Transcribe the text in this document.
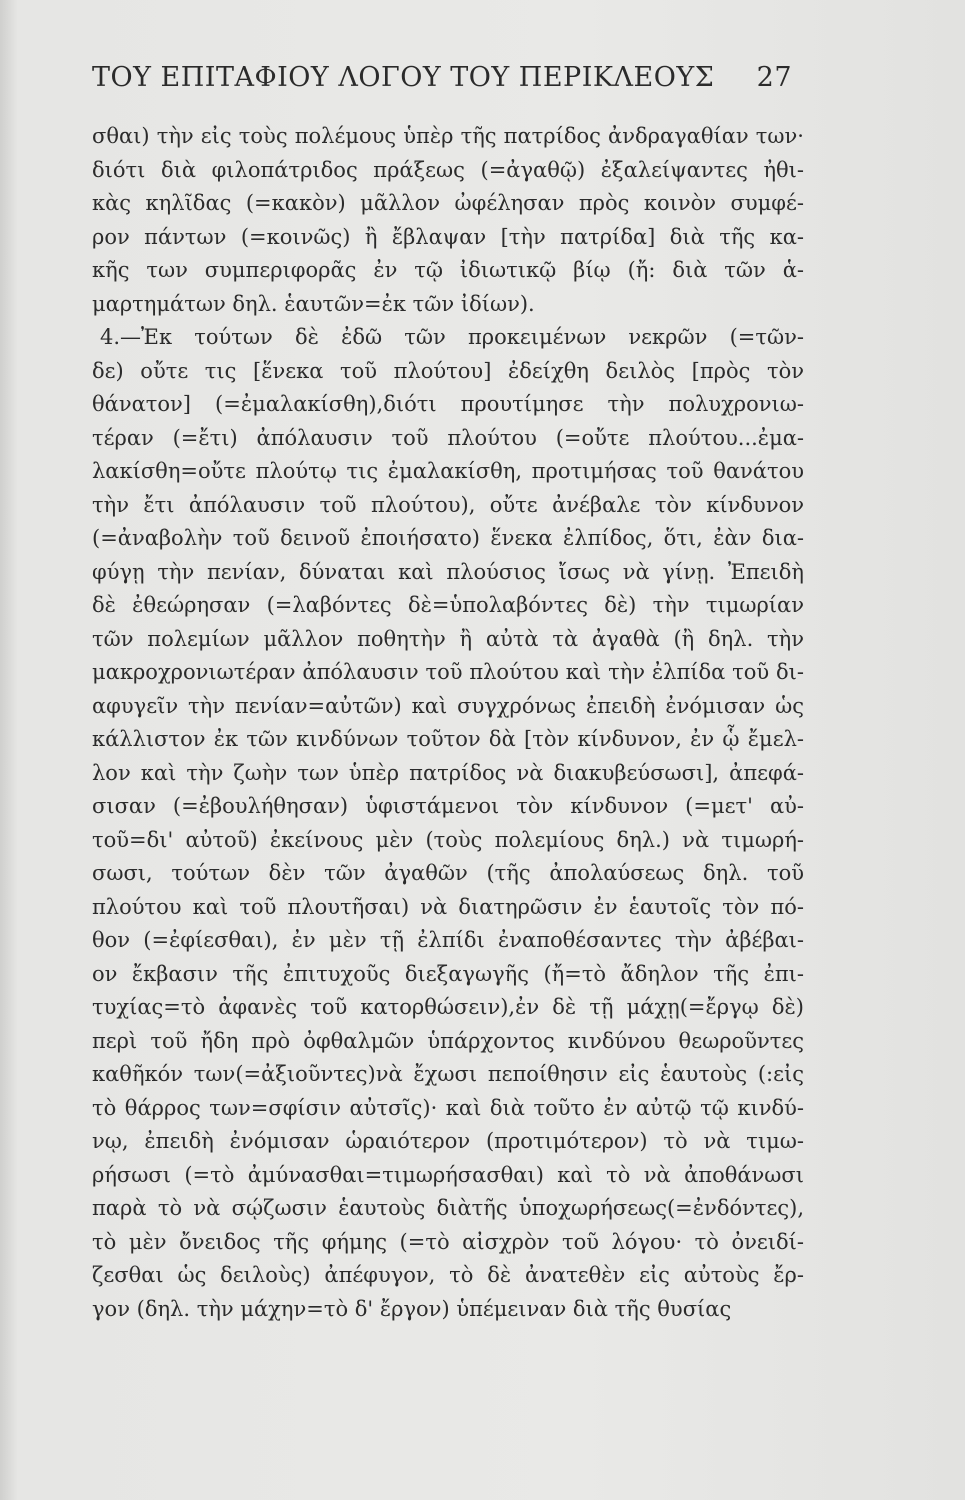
ΤΟΥ ΕΠΙΤΑΦΙΟΥ ΛΟΓΟΥ ΤΟΥ ΠΕΡΙΚΛΕΟΥΣ 27
σθαι) τὴν εἰς τοὺς πολέμους ὑπὲρ τῆς πατρίδος ἀνδραγαθίαν των·
διότι διὰ φιλοπάτριδος πράξεως (=ἀγαθῷ) ἐξαλείψαντες ἠθι-
κὰς κηλῖδας (=κακὸν) μᾶλλον ὠφέλησαν πρὸς κοινὸν συμφέ-
ρον πάντων (=κοινῶς) ἢ ἔβλαψαν [τὴν πατρίδα] διὰ τῆς κα-
κῆς των συμπεριφορᾶς ἐν τῷ ἰδιωτικῷ βίῳ (ἤ: διὰ τῶν ἁ-
μαρτημάτων δηλ. ἑαυτῶν=ἐκ τῶν ἰδίων).
4.—Ἐκ τούτων δὲ ἐδῶ τῶν προκειμένων νεκρῶν (=τῶν-
δε) οὔτε τις [ἕνεκα τοῦ πλούτου] ἐδείχθη δειλὸς [πρὸς τὸν
θάνατον] (=ἐμαλακίσθη),διότι προυτίμησε τὴν πολυχρονιω-
τέραν (=ἔτι) ἀπόλαυσιν τοῦ πλούτου (=οὔτε πλούτου...ἐμα-
λακίσθη=οὔτε πλούτῳ τις ἐμαλακίσθη, προτιμήσας τοῦ θανάτου
τὴν ἔτι ἀπόλαυσιν τοῦ πλούτου), οὔτε ἀνέβαλε τὸν κίνδυνον
(=ἀναβολὴν τοῦ δεινοῦ ἐποιήσατο) ἕνεκα ἐλπίδος, ὅτι, ἐὰν δια-
φύγῃ τὴν πενίαν, δύναται καὶ πλούσιος ἴσως νὰ γίνῃ. Ἐπειδὴ
δὲ ἐθεώρησαν (=λαβόντες δὲ=ὑπολαβόντες δὲ) τὴν τιμωρίαν
τῶν πολεμίων μᾶλλον ποθητὴν ἢ αὐτὰ τὰ ἀγαθὰ (ἢ δηλ. τὴν
μακροχρονιωτέραν ἀπόλαυσιν τοῦ πλούτου καὶ τὴν ἐλπίδα τοῦ δι-
αφυγεῖν τὴν πενίαν=αὐτῶν) καὶ συγχρόνως ἐπειδὴ ἐνόμισαν ὡς
κάλλιστον ἐκ τῶν κινδύνων τοῦτον δὰ [τὸν κίνδυνον, ἐν ᾧ ἔμελ-
λον καὶ τὴν ζωὴν των ὑπὲρ πατρίδος νὰ διακυβεύσωσι], ἀπεφά-
σισαν (=ἐβουλήθησαν) ὑφιστάμενοι τὸν κίνδυνον (=μετ' αὐ-
τοῦ=δι' αὐτοῦ) ἐκείνους μὲν (τοὺς πολεμίους δηλ.) νὰ τιμωρή-
σωσι, τούτων δὲν τῶν ἀγαθῶν (τῆς ἀπολαύσεως δηλ. τοῦ
πλούτου καὶ τοῦ πλουτῆσαι) νὰ διατηρῶσιν ἐν ἑαυτοῖς τὸν πό-
θον (=ἐφίεσθαι), ἐν μὲν τῇ ἐλπίδι ἐναποθέσαντες τὴν ἀβέβαι-
ον ἔκβασιν τῆς ἐπιτυχοῦς διεξαγωγῆς (ἤ=τὸ ἄδηλον τῆς ἐπι-
τυχίας=τὸ ἀφανὲς τοῦ κατορθώσειν),ἐν δὲ τῇ μάχῃ(=ἔργῳ δὲ)
περὶ τοῦ ἤδη πρὸ ὀφθαλμῶν ὑπάρχοντος κινδύνου θεωροῦντες
καθῆκόν των(=ἀξιοῦντες)νὰ ἔχωσι πεποίθησιν εἰς ἑαυτοὺς (:εἰς
τὸ θάρρος των=σφίσιν αὐτσῖς)· καὶ διὰ τοῦτο ἐν αὐτῷ τῷ κινδύ-
νῳ, ἐπειδὴ ἐνόμισαν ὡραιότερον (προτιμότερον) τὸ νὰ τιμω-
ρήσωσι (=τὸ ἀμύνασθαι=τιμωρήσασθαι) καὶ τὸ νὰ ἀποθάνωσι
παρὰ τὸ νὰ σῴζωσιν ἑαυτοὺς διὰτῆς ὑποχωρήσεως(=ἐνδόντες),
τὸ μὲν ὄνειδος τῆς φήμης (=τὸ αἰσχρὸν τοῦ λόγου· τὸ ὀνειδί-
ζεσθαι ὡς δειλοὺς) ἀπέφυγον, τὸ δὲ ἀνατεθὲν εἰς αὐτοὺς ἔρ-
γον (δηλ. τὴν μάχην=τὸ δ' ἔργον) ὑπέμειναν διὰ τῆς θυσίας
